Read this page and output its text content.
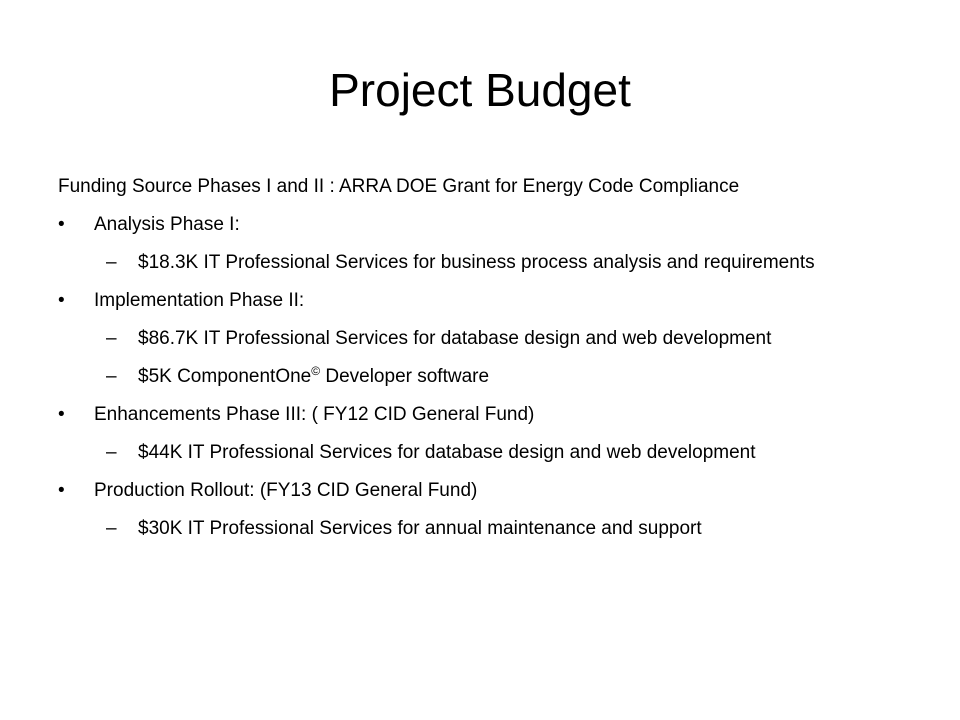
Project Budget

Funding Source Phases I and II : ARRA DOE Grant for Energy Code Compliance

• Analysis Phase I:
– $18.3K IT Professional Services for business process analysis and requirements
• Implementation Phase II:
– $86.7K IT Professional Services for database design and web development
– $5K ComponentOne© Developer software
• Enhancements Phase III: ( FY12 CID General Fund)
– $44K IT Professional Services for database design and web development
• Production Rollout: (FY13 CID General Fund)
– $30K IT Professional Services for annual maintenance and support
